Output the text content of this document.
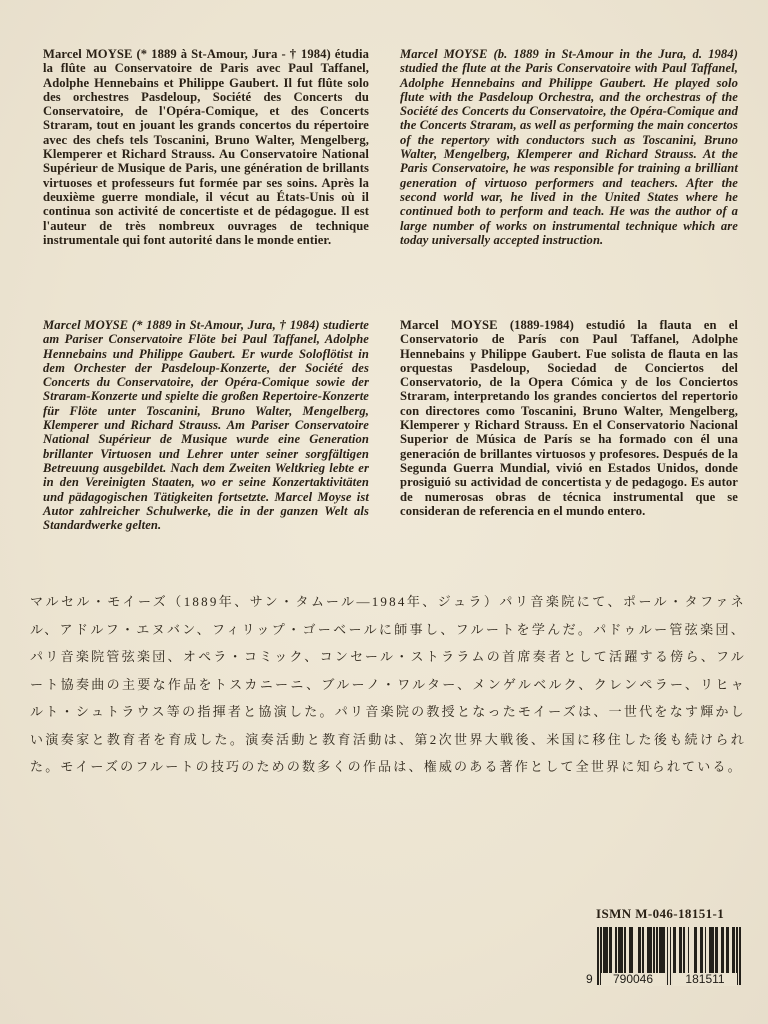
Marcel MOYSE (* 1889 à St-Amour, Jura - † 1984) étudia la flûte au Conservatoire de Paris avec Paul Taffanel, Adolphe Hennebains et Philippe Gaubert. Il fut flûte solo des orchestres Pasdeloup, Société des Concerts du Conservatoire, de l'Opéra-Comique, et des Concerts Straram, tout en jouant les grands concertos du répertoire avec des chefs tels Toscanini, Bruno Walter, Mengelberg, Klemperer et Richard Strauss. Au Conservatoire National Supérieur de Musique de Paris, une génération de brillants virtuoses et professeurs fut formée par ses soins. Après la deuxième guerre mondiale, il vécut au États-Unis où il continua son activité de concertiste et de pédagogue. Il est l'auteur de très nombreux ouvrages de technique instrumentale qui font autorité dans le monde entier.
Marcel MOYSE (b. 1889 in St-Amour in the Jura, d. 1984) studied the flute at the Paris Conservatoire with Paul Taffanel, Adolphe Hennebains and Philippe Gaubert. He played solo flute with the Pasdeloup Orchestra, and the orchestras of the Société des Concerts du Conservatoire, the Opéra-Comique and the Concerts Straram, as well as performing the main concertos of the repertory with conductors such as Toscanini, Bruno Walter, Mengelberg, Klemperer and Richard Strauss. At the Paris Conservatoire, he was responsible for training a brilliant generation of virtuoso performers and teachers. After the second world war, he lived in the United States where he continued both to perform and teach. He was the author of a large number of works on instrumental technique which are today universally accepted instruction.
Marcel MOYSE (* 1889 in St-Amour, Jura, † 1984) studierte am Pariser Conservatoire Flöte bei Paul Taffanel, Adolphe Hennebains und Philippe Gaubert. Er wurde Soloflötist in dem Orchester der Pasdeloup-Konzerte, der Société des Concerts du Conservatoire, der Opéra-Comique sowie der Straram-Konzerte und spielte die großen Repertoire-Konzerte für Flöte unter Toscanini, Bruno Walter, Mengelberg, Klemperer und Richard Strauss. Am Pariser Conservatoire National Supérieur de Musique wurde eine Generation brillanter Virtuosen und Lehrer unter seiner sorgfältigen Betreuung ausgebildet. Nach dem Zweiten Weltkrieg lebte er in den Vereinigten Staaten, wo er seine Konzertaktivitäten und pädagogischen Tätigkeiten fortsetzte. Marcel Moyse ist Autor zahlreicher Schulwerke, die in der ganzen Welt als Standardwerke gelten.
Marcel MOYSE (1889-1984) estudió la flauta en el Conservatorio de París con Paul Taffanel, Adolphe Hennebains y Philippe Gaubert. Fue solista de flauta en las orquestas Pasdeloup, Sociedad de Conciertos del Conservatorio, de la Opera Cómica y de los Conciertos Straram, interpretando los grandes conciertos del repertorio con directores como Toscanini, Bruno Walter, Mengelberg, Klemperer y Richard Strauss. En el Conservatorio Nacional Superior de Música de París se ha formado con él una generación de brillantes virtuosos y profesores. Después de la Segunda Guerra Mundial, vivió en Estados Unidos, donde prosiguió su actividad de concertista y de pedagogo. Es autor de numerosas obras de técnica instrumental que se consideran de referencia en el mundo entero.
マルセル・モイーズ（1889年、サン・タムール—1984年、ジュラ）パリ音楽院にて、ポール・タファネル、アドルフ・エヌバン、フィリップ・ゴーベールに師事し、フルートを学んだ。パドゥルー管弦楽団、パリ音楽院管弦楽団、オペラ・コミック、コンセール・ストララムの首席奏者として活躍する傍ら、フルート協奏曲の主要な作品をトスカニーニ、ブルーノ・ワルター、メンゲルベルク、クレンペラー、リヒャルト・シュトラウス等の指揮者と協演した。パリ音楽院の教授となったモイーズは、一世代をなす輝かしい演奏家と教育者を育成した。演奏活動と教育活動は、第2次世界大戦後、米国に移住した後も続けられた。モイーズのフルートの技巧のための数多くの作品は、権威のある著作として全世界に知られている。
ISMN M-046-18151-1
9	790046	181511
